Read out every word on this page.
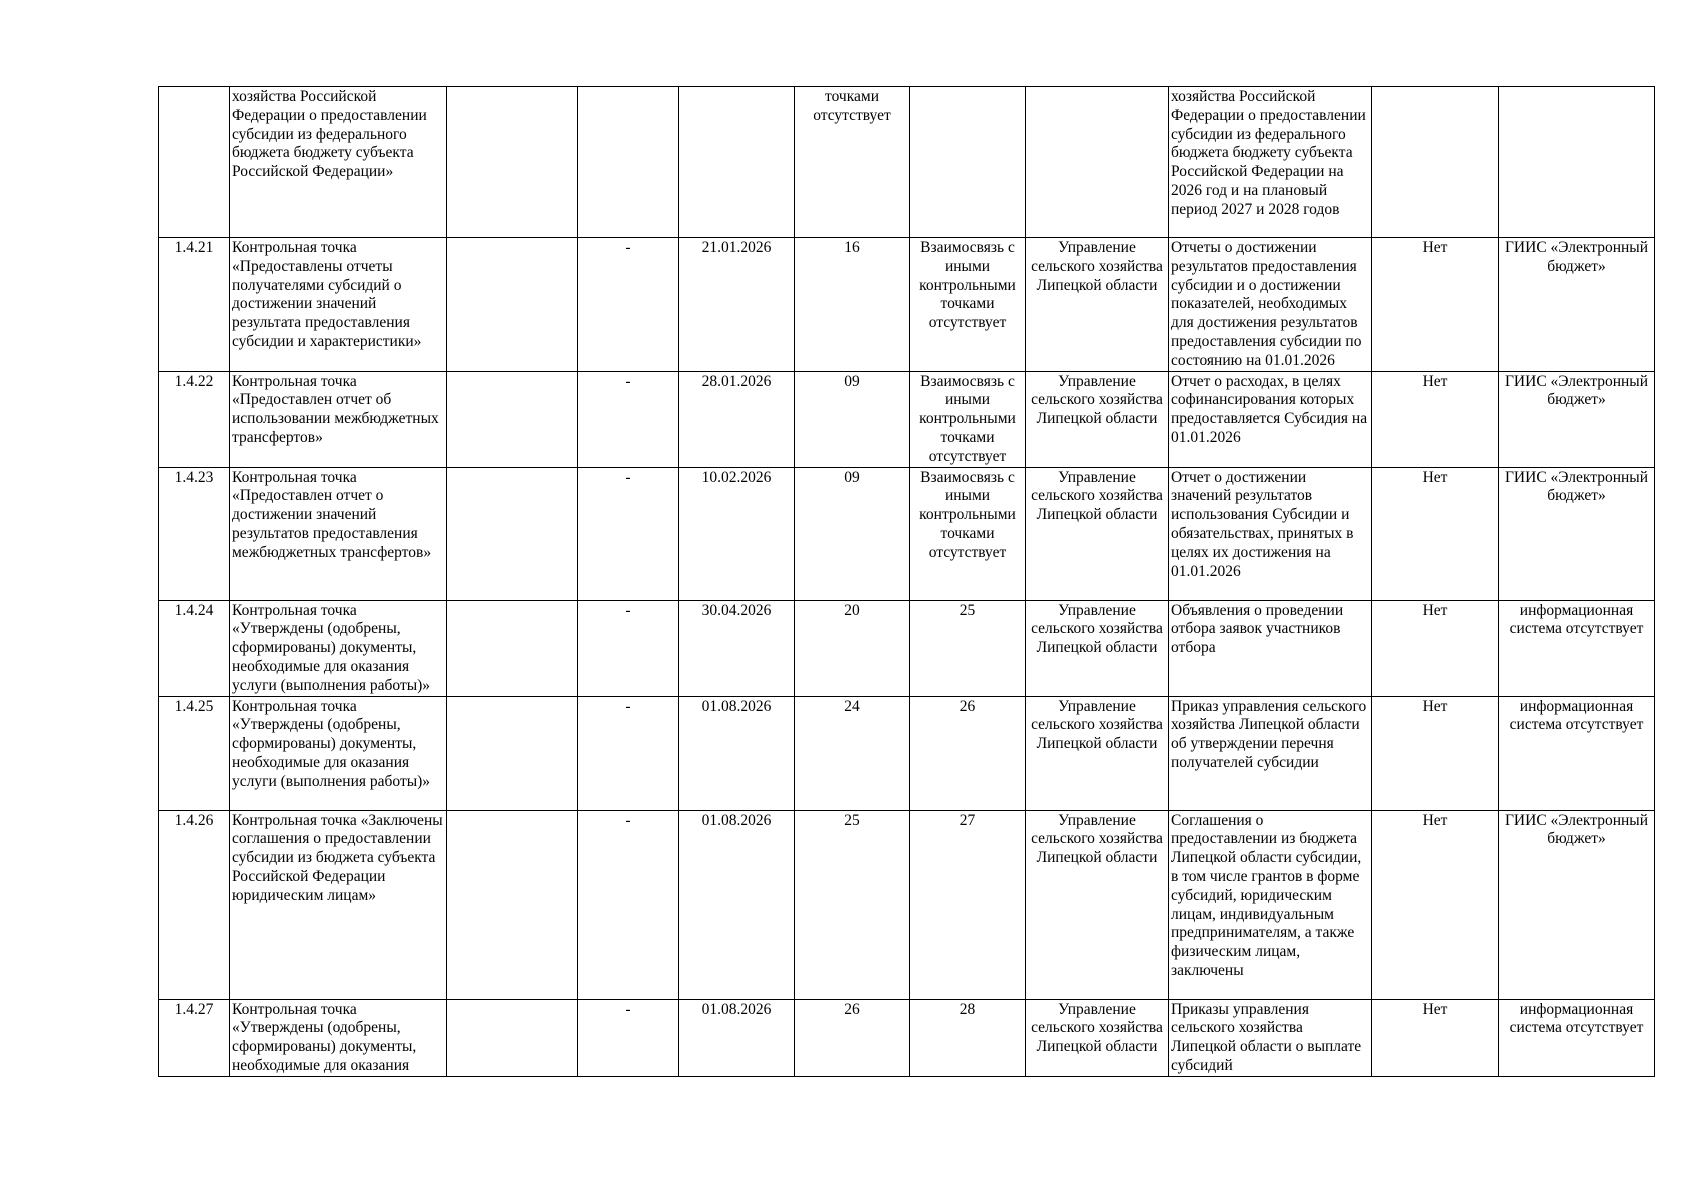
	хозяйства Российской Федерации о предоставлении субсидии из федерального бюджета бюджету субъекта Российской Федерации»				точками отсутствует			хозяйства Российской Федерации о предоставлении субсидии из федерального бюджета бюджету субъекта Российской Федерации на 2026 год и на плановый период 2027 и 2028 годов		
1.4.21	Контрольная точка «Предоставлены отчеты получателями субсидий о достижении значений результата предоставления субсидии и характеристики»		-	21.01.2026	16	Взаимосвязь с иными контрольными точками отсутствует	Управление сельского хозяйства Липецкой области	Отчеты о достижении результатов предоставления субсидии и о достижении показателей, необходимых для достижения результатов предоставления субсидии по состоянию на 01.01.2026	Нет	ГИИС «Электронный бюджет»
1.4.22	Контрольная точка «Предоставлен отчет об использовании межбюджетных трансфертов»		-	28.01.2026	09	Взаимосвязь с иными контрольными точками отсутствует	Управление сельского хозяйства Липецкой области	Отчет о расходах, в целях софинансирования которых предоставляется Субсидия на 01.01.2026	Нет	ГИИС «Электронный бюджет»
1.4.23	Контрольная точка «Предоставлен отчет о достижении значений результатов предоставления межбюджетных трансфертов»		-	10.02.2026	09	Взаимосвязь с иными контрольными точками отсутствует	Управление сельского хозяйства Липецкой области	Отчет о достижении значений результатов использования Субсидии и обязательствах, принятых в целях их достижения на 01.01.2026	Нет	ГИИС «Электронный бюджет»
1.4.24	Контрольная точка «Утверждены (одобрены, сформированы) документы, необходимые для оказания услуги (выполнения работы)»		-	30.04.2026	20	25	Управление сельского хозяйства Липецкой области	Объявления о проведении отбора заявок участников отбора	Нет	информационная система отсутствует
1.4.25	Контрольная точка «Утверждены (одобрены, сформированы) документы, необходимые для оказания услуги (выполнения работы)»		-	01.08.2026	24	26	Управление сельского хозяйства Липецкой области	Приказ управления сельского хозяйства Липецкой области об утверждении перечня получателей субсидии	Нет	информационная система отсутствует
1.4.26	Контрольная точка «Заключены соглашения о предоставлении субсидии из бюджета субъекта Российской Федерации юридическим лицам»		-	01.08.2026	25	27	Управление сельского хозяйства Липецкой области	Соглашения о предоставлении из бюджета Липецкой области субсидии, в том числе грантов в форме субсидий, юридическим лицам, индивидуальным предпринимателям, а также физическим лицам, заключены	Нет	ГИИС «Электронный бюджет»
1.4.27	Контрольная точка «Утверждены (одобрены, сформированы) документы, необходимые для оказания		-	01.08.2026	26	28	Управление сельского хозяйства Липецкой области	Приказы управления сельского хозяйства Липецкой области о выплате субсидий	Нет	информационная система отсутствует
